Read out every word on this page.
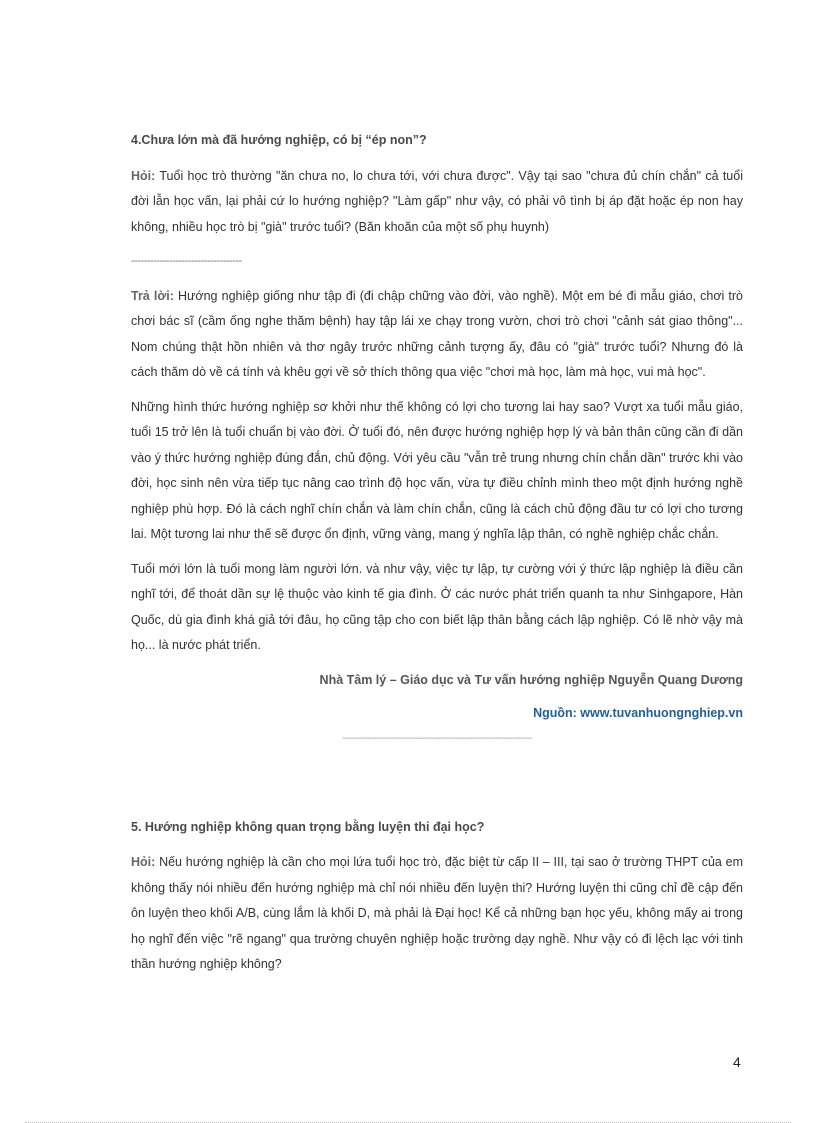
4.Chưa lớn mà đã hướng nghiệp, có bị “ép non”?

Hỏi: Tuổi học trò thường "ăn chưa no, lo chưa tới, với chưa được". Vậy tại sao "chưa đủ chín chắn" cả tuổi đời lẫn học vấn, lại phải cứ lo hướng nghiệp? "Làm gấp" như vậy, có phải vô tình bị áp đặt hoặc ép non hay không, nhiều học trò bị "già" trước tuổi? (Băn khoăn của một số phụ huynh)

-----------------------------------

Trả lời: Hướng nghiệp giống như tập đi (đi chập chững vào đời, vào nghề). Một em bé đi mẫu giáo, chơi trò chơi bác sĩ (cầm ống nghe thăm bệnh) hay tập lái xe chạy trong vườn, chơi trò chơi "cảnh sát giao thông"... Nom chúng thật hồn nhiên và thơ ngây trước những cảnh tượng ấy, đâu có "già" trước tuổi? Nhưng đó là cách thăm dò về cá tính và khêu gợi về sở thích thông qua việc "chơi mà học, làm mà học, vui mà học".

Những hình thức hướng nghiệp sơ khởi như thế không có lợi cho tương lai hay sao? Vượt xa tuổi mẫu giáo, tuổi 15 trở lên là tuổi chuẩn bị vào đời. Ở tuổi đó, nên được hướng nghiệp hợp lý và bản thân cũng cần đi dần vào ý thức hướng nghiệp đúng đắn, chủ động. Với yêu cầu "vẫn trẻ trung nhưng chín chắn dần" trước khi vào đời, học sinh nên vừa tiếp tục nâng cao trình độ học vấn, vừa tự điều chỉnh mình theo một định hướng nghề nghiệp phù hợp. Đó là cách nghĩ chín chắn và làm chín chắn, cũng là cách chủ động đầu tư có lợi cho tương lai. Một tương lai như thế sẽ được ổn định, vững vàng, mang ý nghĩa lập thân, có nghề nghiệp chắc chắn.

Tuổi mới lớn là tuổi mong làm người lớn. và như vậy, việc tự lập, tự cường với ý thức lập nghiệp là điều cần nghĩ tới, để thoát dần sự lệ thuộc vào kinh tế gia đình. Ở các nước phát triển quanh ta như Sinhgapore, Hàn Quốc, dù gia đình khá giả tới đâu, họ cũng tập cho con biết lập thân bằng cách lập nghiệp. Có lẽ nhờ vậy mà họ... là nước phát triển.

Nhà Tâm lý – Giáo dục và Tư vấn hướng nghiệp Nguyễn Quang Dương
Nguồn: www.tuvanhuongnghiep.vn
-------------------------------------------------------------------
5. Hướng nghiệp không quan trọng bằng luyện thi đại học?

Hỏi: Nếu hướng nghiệp là cần cho mọi lứa tuổi học trò, đặc biệt từ cấp II – III, tại sao ở trường THPT của em không thấy nói nhiều đến hướng nghiệp mà chỉ nói nhiều đến luyện thi? Hướng luyện thi cũng chỉ đề cập đến ôn luyện theo khối A/B, cùng lắm là khối D, mà phải là Đại học! Kể cả những bạn học yếu, không mấy ai trong họ nghĩ đến việc "rẽ ngang" qua trường chuyên nghiệp hoặc trường dạy nghề. Như vậy có đi lệch lạc với tinh thần hướng nghiệp không?

4
